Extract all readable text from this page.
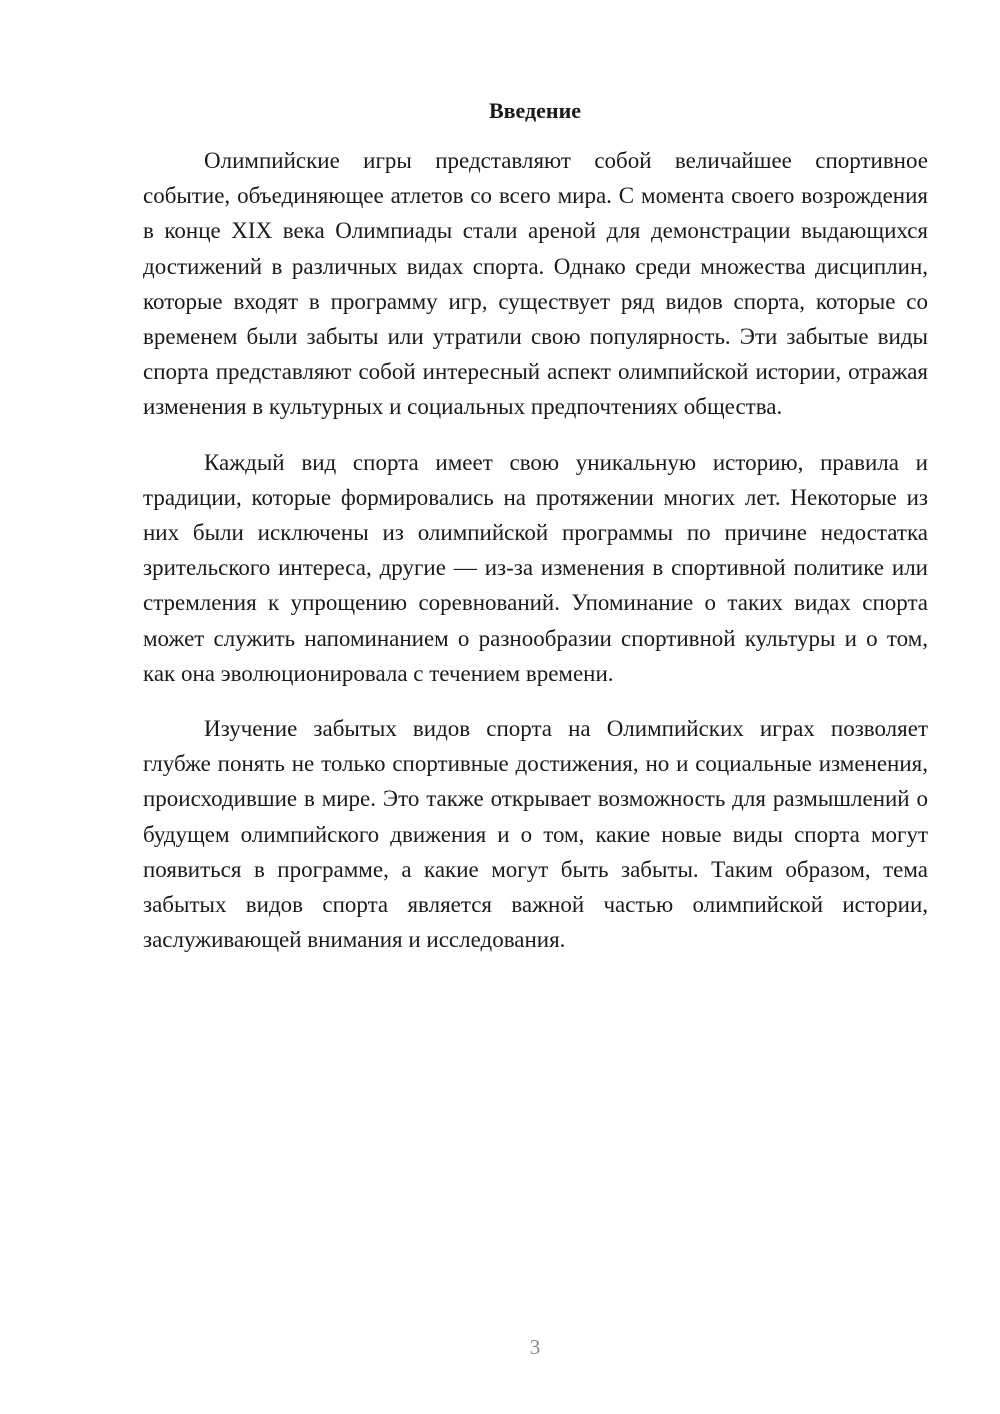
Введение

Олимпийские игры представляют собой величайшее спортивное событие, объединяющее атлетов со всего мира. С момента своего возрождения в конце XIX века Олимпиады стали ареной для демонстрации выдающихся достижений в различных видах спорта. Однако среди множества дисциплин, которые входят в программу игр, существует ряд видов спорта, которые со временем были забыты или утратили свою популярность. Эти забытые виды спорта представляют собой интересный аспект олимпийской истории, отражая изменения в культурных и социальных предпочтениях общества.

Каждый вид спорта имеет свою уникальную историю, правила и традиции, которые формировались на протяжении многих лет. Некоторые из них были исключены из олимпийской программы по причине недостатка зрительского интереса, другие — из-за изменения в спортивной политике или стремления к упрощению соревнований. Упоминание о таких видах спорта может служить напоминанием о разнообразии спортивной культуры и о том, как она эволюционировала с течением времени.

Изучение забытых видов спорта на Олимпийских играх позволяет глубже понять не только спортивные достижения, но и социальные изменения, происходившие в мире. Это также открывает возможность для размышлений о будущем олимпийского движения и о том, какие новые виды спорта могут появиться в программе, а какие могут быть забыты. Таким образом, тема забытых видов спорта является важной частью олимпийской истории, заслуживающей внимания и исследования.

3
